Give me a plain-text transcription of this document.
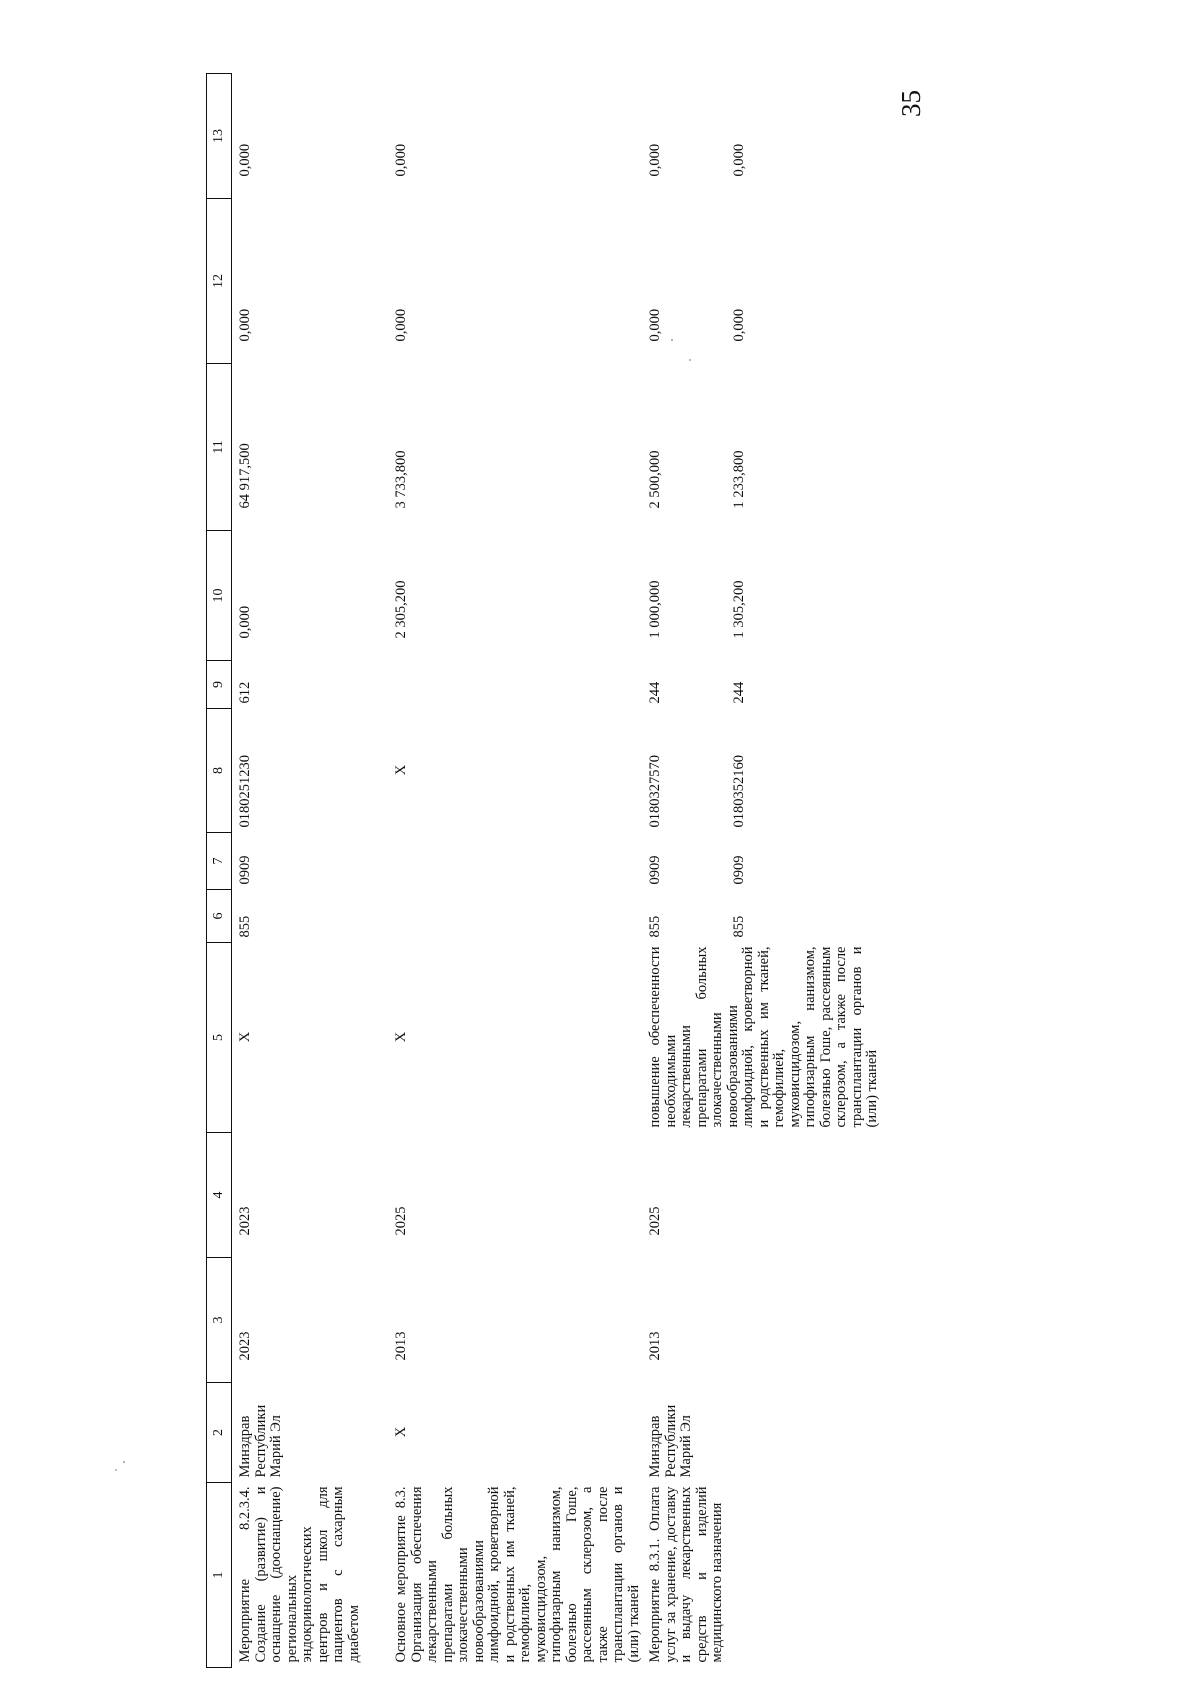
35
1	2	3	4	5	6	7	8	9	10	11	12	13
Мероприятие 8.2.3.4. Создание (развитие) и оснащение (дооснащение) региональных эндокринологических центров и школ для пациентов с сахарным диабетом	Минздрав Республики Марий Эл	2023	2023	Х	855	0909	0180251230	612	0,000	64 917,500	0,000	0,000
Основное мероприятие 8.3. Организация обеспечения лекарственными препаратами больных злокачественными новообразованиями лимфоидной, кроветворной и родственных им тканей, гемофилией, муковисцидозом, гипофизарным нанизмом, болезнью Гоше, рассеянным склерозом, а также после трансплантации органов и (или) тканей	Х	2013	2025	Х			Х		2 305,200	3 733,800	0,000	0,000
Мероприятие 8.3.1. Оплата услуг за хранение, доставку и выдачу лекарственных средств и изделий медицинского назначения	Минздрав Республики Марий Эл	2013	2025	повышение обеспеченности необходимыми лекарственными препаратами больных злокачественными новообразованиями лимфоидной, кроветворной и родственных им тканей, гемофилией, муковисцидозом, гипофизарным нанизмом, болезнью Гоше, рассеянным склерозом, а также после трансплантации органов и (или) тканей	855	0909	0180327570	244	1 000,000	2 500,000	0,000	0,000
					855	0909	0180352160	244	1 305,200	1 233,800	0,000	0,000
